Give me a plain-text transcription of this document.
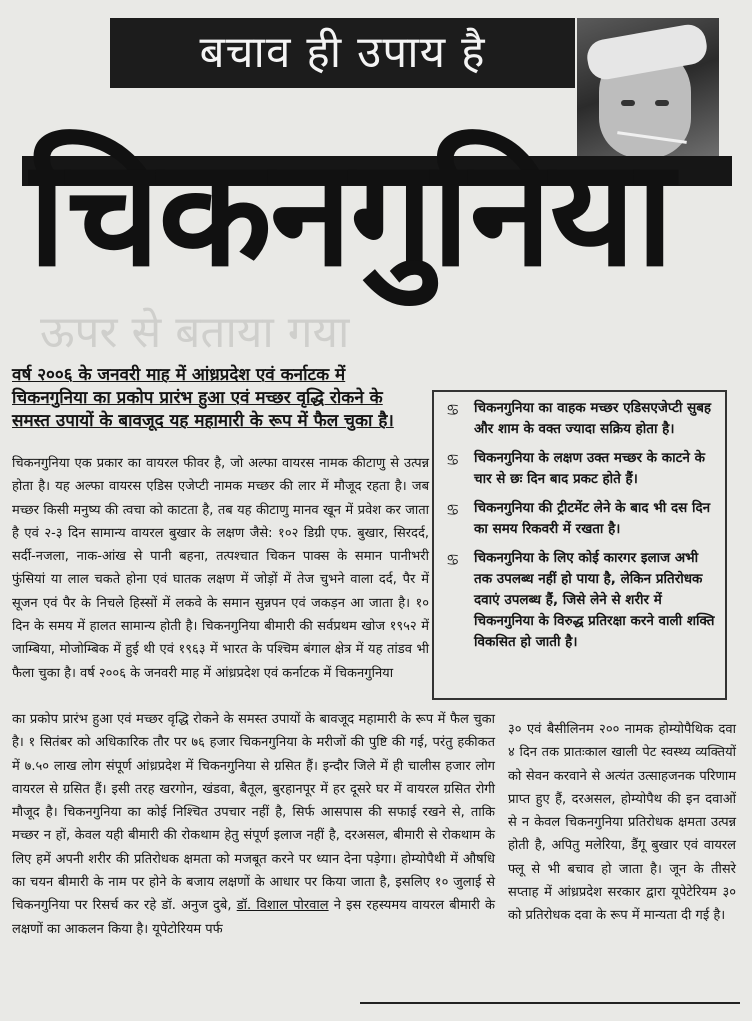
बचाव ही उपाय है
चिकनगुनिया
ऊपर से बताया गया

वर्ष २००६ के जनवरी माह में आंध्रप्रदेश एवं कर्नाटक में
चिकनगुनिया का प्रकोप प्रारंभ हुआ एवं मच्छर वृद्धि रोकने के
समस्त उपायों के बावजूद यह महामारी के रूप में फैल चुका है।

चिकनगुनिया एक प्रकार का वायरल फीवर है, जो अल्फा वायरस नामक कीटाणु से उत्पन्न होता है। यह अल्फा वायरस एडिस एजेप्टी नामक मच्छर की लार में मौजूद रहता है। जब मच्छर किसी मनुष्य की त्वचा को काटता है, तब यह कीटाणु मानव खून में प्रवेश कर जाता है एवं २-३ दिन सामान्य वायरल बुखार के लक्षण जैसे: १०२ डिग्री एफ. बुखार, सिरदर्द, सर्दी-नजला, नाक-आंख से पानी बहना, तत्पश्चात चिकन पाक्स के समान पानीभरी फुंसियां या लाल चकते होना एवं घातक लक्षण में जोड़ों में तेज चुभने वाला दर्द, पैर में सूजन एवं पैर के निचले हिस्सों में लकवे के समान सुन्नपन एवं जकड़न आ जाता है। १० दिन के समय में हालत सामान्य होती है। चिकनगुनिया बीमारी की सर्वप्रथम खोज १९५२ में जाम्बिया, मोजोम्बिक में हुई थी एवं १९६३ में भारत के पश्चिम बंगाल क्षेत्र में यह तांडव भी फैला चुका है। वर्ष २००६ के जनवरी माह में आंध्रप्रदेश एवं कर्नाटक में चिकनगुनिया

का प्रकोप प्रारंभ हुआ एवं मच्छर वृद्धि रोकने के समस्त उपायों के बावजूद महामारी के रूप में फैल चुका है। १ सितंबर को अधिकारिक तौर पर ७६ हजार चिकनगुनिया के मरीजों की पुष्टि की गई, परंतु हकीकत में ७.५० लाख लोग संपूर्ण आंध्रप्रदेश में चिकनगुनिया से ग्रसित हैं। इन्दौर जिले में ही चालीस हजार लोग वायरल से ग्रसित हैं। इसी तरह खरगोन, खंडवा, बैतूल, बुरहानपूर में हर दूसरे घर में वायरल ग्रसित रोगी मौजूद है। चिकनगुनिया का कोई निश्चित उपचार नहीं है, सिर्फ आसपास की सफाई रखने से, ताकि मच्छर न हों, केवल यही बीमारी की रोकथाम हेतु संपूर्ण इलाज नहीं है, दरअसल, बीमारी से रोकथाम के लिए हमें अपनी शरीर की प्रतिरोधक क्षमता को मजबूत करने पर ध्यान देना पड़ेगा। होम्योपैथी में औषधि का चयन बीमारी के नाम पर होने के बजाय लक्षणों के आधार पर किया जाता है, इसलिए १० जुलाई से चिकनगुनिया पर रिसर्च कर रहे डॉ. अनुज दुबे, डॉ. विशाल पोरवाल ने इस रहस्यमय वायरल बीमारी के लक्षणों का आकलन किया है। यूपेटोरियम पर्फ

३० एवं बैसीलिनम २०० नामक होम्योपैथिक दवा ४ दिन तक प्रातःकाल खाली पेट स्वस्थ्य व्यक्तियों को सेवन करवाने से अत्यंत उत्साहजनक परिणाम प्राप्त हुए हैं, दरअसल, होम्योपैथ की इन दवाओं से न केवल चिकनगुनिया प्रतिरोधक क्षमता उत्पन्न होती है, अपितु मलेरिया, डैंगू बुखार एवं वायरल फ्लू से भी बचाव हो जाता है। जून के तीसरे सप्ताह में आंध्रप्रदेश सरकार द्वारा यूपेटेरियम ३० को प्रतिरोधक दवा के रूप में मान्यता दी गई है।

♋ चिकनगुनिया का वाहक मच्छर एडिसएजेप्टी सुबह और शाम के वक्त ज्यादा सक्रिय होता है।
♋ चिकनगुनिया के लक्षण उक्त मच्छर के काटने के चार से छः दिन बाद प्रकट होते हैं।
♋ चिकनगुनिया की ट्रीटमेंट लेने के बाद भी दस दिन का समय रिकवरी में रखता है।
♋ चिकनगुनिया के लिए कोई कारगर इलाज अभी तक उपलब्ध नहीं हो पाया है, लेकिन प्रतिरोधक दवाएं उपलब्ध हैं, जिसे लेने से शरीर में चिकनगुनिया के विरुद्ध प्रतिरक्षा करने वाली शक्ति विकसित हो जाती है।
